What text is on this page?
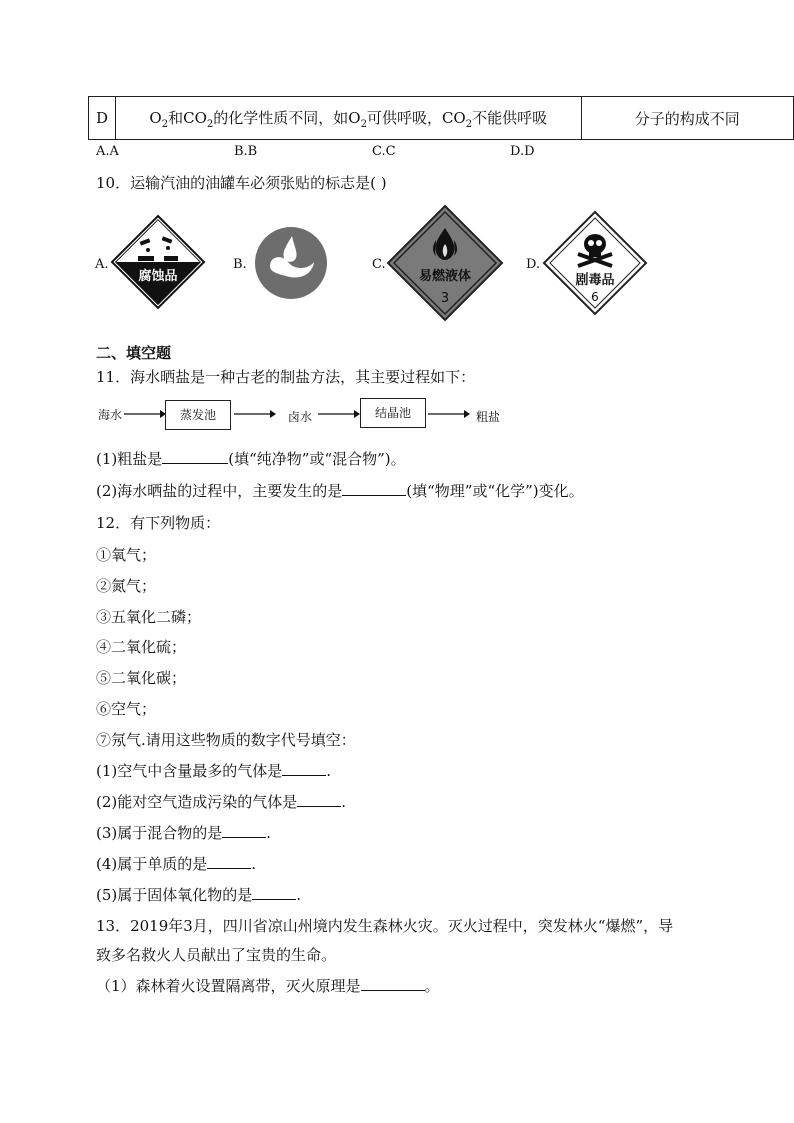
D	$O_2$和$CO_2$的化学性质不同，如$O_2$可供呼吸，$CO_2$不能供呼吸	分子的构成不同
A.A	B.B	C.C	D.D
10．运输汽油的油罐车必须张贴的标志是( )
A.	B.	C.	D.
腐蚀品	易燃液体
3
剧毒品
6
二、填空题
11．海水晒盐是一种古老的制盐方法，其主要过程如下：
海水	蒸发池	卤水	结晶池	粗盐
(1)粗盐是	(填“纯净物”或“混合物”)。
(2)海水晒盐的过程中，主要发生的是	(填“物理”或“化学”)变化。
12．有下列物质：
①氧气；
②氮气；
③五氧化二磷；
④二氧化硫；
⑤二氧化碳；
⑥空气；
⑦氖气.请用这些物质的数字代号填空：
(1)空气中含量最多的气体是	.
(2)能对空气造成污染的气体是	.
(3)属于混合物的是	.
(4)属于单质的是	.
(5)属于固体氧化物的是	.
13．2019年3月，四川省凉山州境内发生森林火灾。灭火过程中，突发林火“爆燃”，导
致多名救火人员献出了宝贵的生命。
（1）森林着火设置隔离带，灭火原理是	。
